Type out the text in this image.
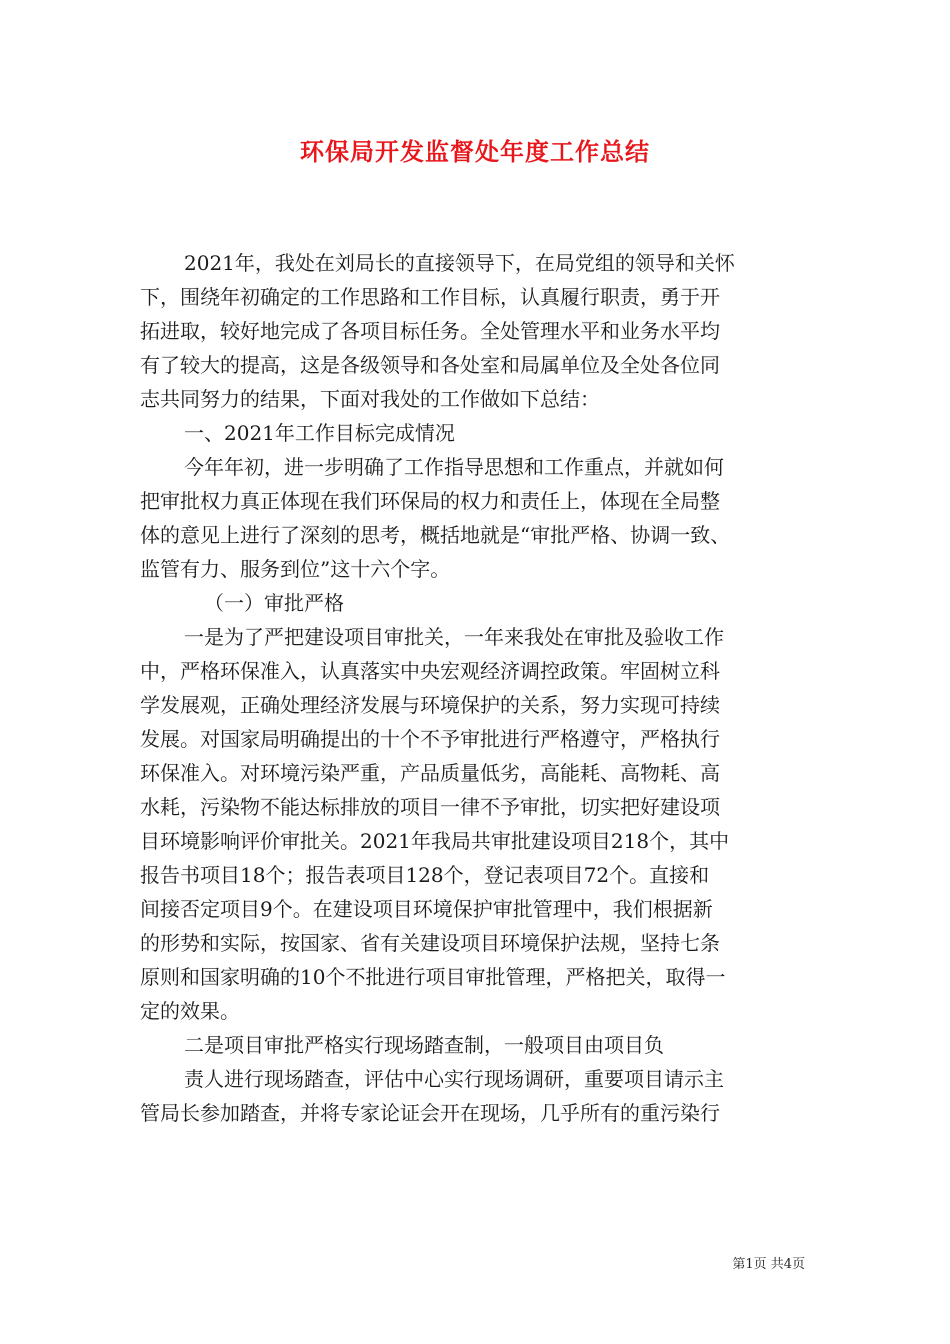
环保局开发监督处年度工作总结
2021年，我处在刘局长的直接领导下，在局党组的领导和关怀
下，围绕年初确定的工作思路和工作目标，认真履行职责，勇于开
拓进取，较好地完成了各项目标任务。全处管理水平和业务水平均
有了较大的提高，这是各级领导和各处室和局属单位及全处各位同
志共同努力的结果，下面对我处的工作做如下总结：
一、2021年工作目标完成情况
今年年初，进一步明确了工作指导思想和工作重点，并就如何
把审批权力真正体现在我们环保局的权力和责任上，体现在全局整
体的意见上进行了深刻的思考，概括地就是“审批严格、协调一致、
监管有力、服务到位”这十六个字。
（一）审批严格
一是为了严把建设项目审批关，一年来我处在审批及验收工作
中，严格环保准入，认真落实中央宏观经济调控政策。牢固树立科
学发展观，正确处理经济发展与环境保护的关系，努力实现可持续
发展。对国家局明确提出的十个不予审批进行严格遵守，严格执行
环保准入。对环境污染严重，产品质量低劣，高能耗、高物耗、高
水耗，污染物不能达标排放的项目一律不予审批，切实把好建设项
目环境影响评价审批关。2021年我局共审批建设项目218个，其中
报告书项目18个；报告表项目128个，登记表项目72个。直接和
间接否定项目9个。在建设项目环境保护审批管理中，我们根据新
的形势和实际，按国家、省有关建设项目环境保护法规，坚持七条
原则和国家明确的10个不批进行项目审批管理，严格把关，取得一
定的效果。
二是项目审批严格实行现场踏查制，一般项目由项目负
责人进行现场踏查，评估中心实行现场调研，重要项目请示主
管局长参加踏查，并将专家论证会开在现场，几乎所有的重污染行
第1页 共4页
